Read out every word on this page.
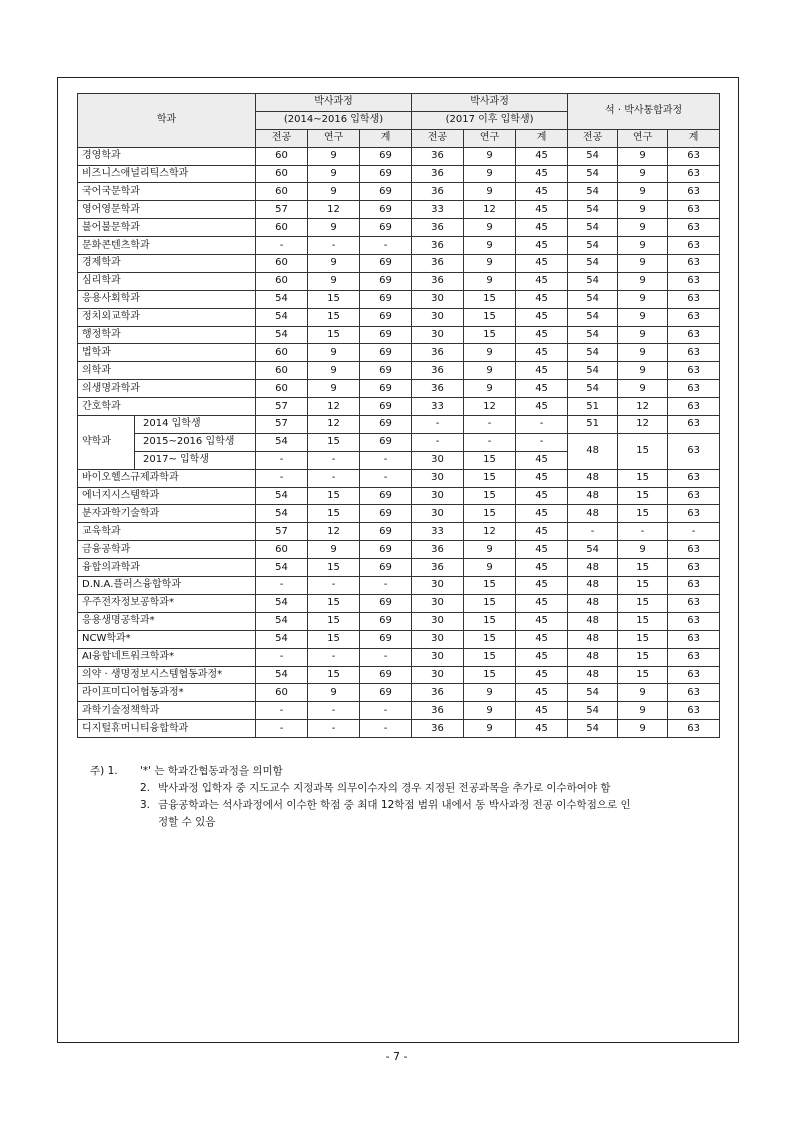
학과		박사과정			박사과정			석 · 박사통합과정		
		(2014~2016 입학생)			(2017 이후 입학생)					
		전공	연구	계	전공	연구	계	전공	연구	계
경영학과		60	9	69	36	9	45	54	9	63
비즈니스애널리틱스학과		60	9	69	36	9	45	54	9	63
국어국문학과		60	9	69	36	9	45	54	9	63
영어영문학과		57	12	69	33	12	45	54	9	63
불어불문학과		60	9	69	36	9	45	54	9	63
문화콘텐츠학과		-	-	-	36	9	45	54	9	63
경제학과		60	9	69	36	9	45	54	9	63
심리학과		60	9	69	36	9	45	54	9	63
응용사회학과		54	15	69	30	15	45	54	9	63
정치외교학과		54	15	69	30	15	45	54	9	63
행정학과		54	15	69	30	15	45	54	9	63
법학과		60	9	69	36	9	45	54	9	63
의학과		60	9	69	36	9	45	54	9	63
의생명과학과		60	9	69	36	9	45	54	9	63
간호학과		57	12	69	33	12	45	51	12	63
약학과	2014 입학생	57	12	69	-	-	-	51	12	63
	2015~2016 입학생	54	15	69	-	-	-	48	15	63
	2017~ 입학생	-	-	-	30	15	45			
바이오헬스규제과학과		-	-	-	30	15	45	48	15	63
에너지시스템학과		54	15	69	30	15	45	48	15	63
분자과학기술학과		54	15	69	30	15	45	48	15	63
교육학과		57	12	69	33	12	45	-	-	-
금융공학과		60	9	69	36	9	45	54	9	63
융합의과학과		54	15	69	36	9	45	48	15	63
D.N.A.플러스융합학과		-	-	-	30	15	45	48	15	63
우주전자정보공학과*		54	15	69	30	15	45	48	15	63
응용생명공학과*		54	15	69	30	15	45	48	15	63
NCW학과*		54	15	69	30	15	45	48	15	63
AI융합네트워크학과*		-	-	-	30	15	45	48	15	63
의약 · 생명정보시스템협동과정*		54	15	69	30	15	45	48	15	63
라이프미디어협동과정*		60	9	69	36	9	45	54	9	63
과학기술정책학과		-	-	-	36	9	45	54	9	63
디지털휴머니티융합학과		-	-	-	36	9	45	54	9	63
주) 1.	'*' 는 학과간협동과정을 의미함
2. 박사과정 입학자 중 지도교수 지정과목 의무이수자의 경우 지정된 전공과목을 추가로 이수하여야 함
3. 금융공학과는 석사과정에서 이수한 학점 중 최대 12학점 범위 내에서 동 박사과정 전공 이수학점으로 인
정할 수 있음
- 7 -
